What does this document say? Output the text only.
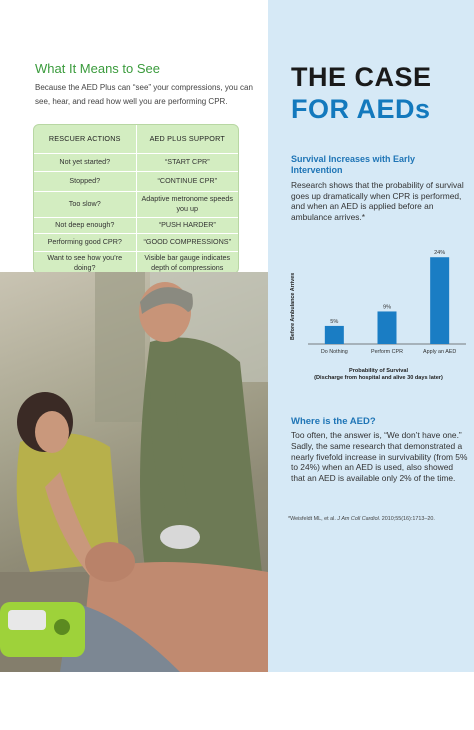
What It Means to See

Because the AED Plus can “see” your compressions, you can see, hear, and read how well you are performing CPR.

RESCUER ACTIONS	AED PLUS SUPPORT
Not yet started?	“START CPR”
Stopped?	“CONTINUE CPR”
Too slow?	Adaptive metronome speeds you up
Not deep enough?	“PUSH HARDER”
Performing good CPR?	“GOOD COMPRESSIONS”
Want to see how you’re doing?	Visible bar gauge indicates depth of compressions
THE CASE
FOR AEDs
Survival Increases with Early Intervention

Research shows that the probability of survival goes up dramatically when CPR is performed, and when an AED is applied before an ambulance arrives.*

Before Ambulance Arrives	5%
Do Nothing
9%
Perform CPR
24%
Apply an AED
Probability of Survival
(Discharge from hospital and alive 30 days later)
Where is the AED?

Too often, the answer is, “We don’t have one.” Sadly, the same research that demonstrated a nearly fivefold increase in survivability (from 5% to 24%) when an AED is used, also showed that an AED is available only 2% of the time.

*Weisfeldt ML, et al. J Am Coll Cardiol. 2010;55(16):1713–20.
